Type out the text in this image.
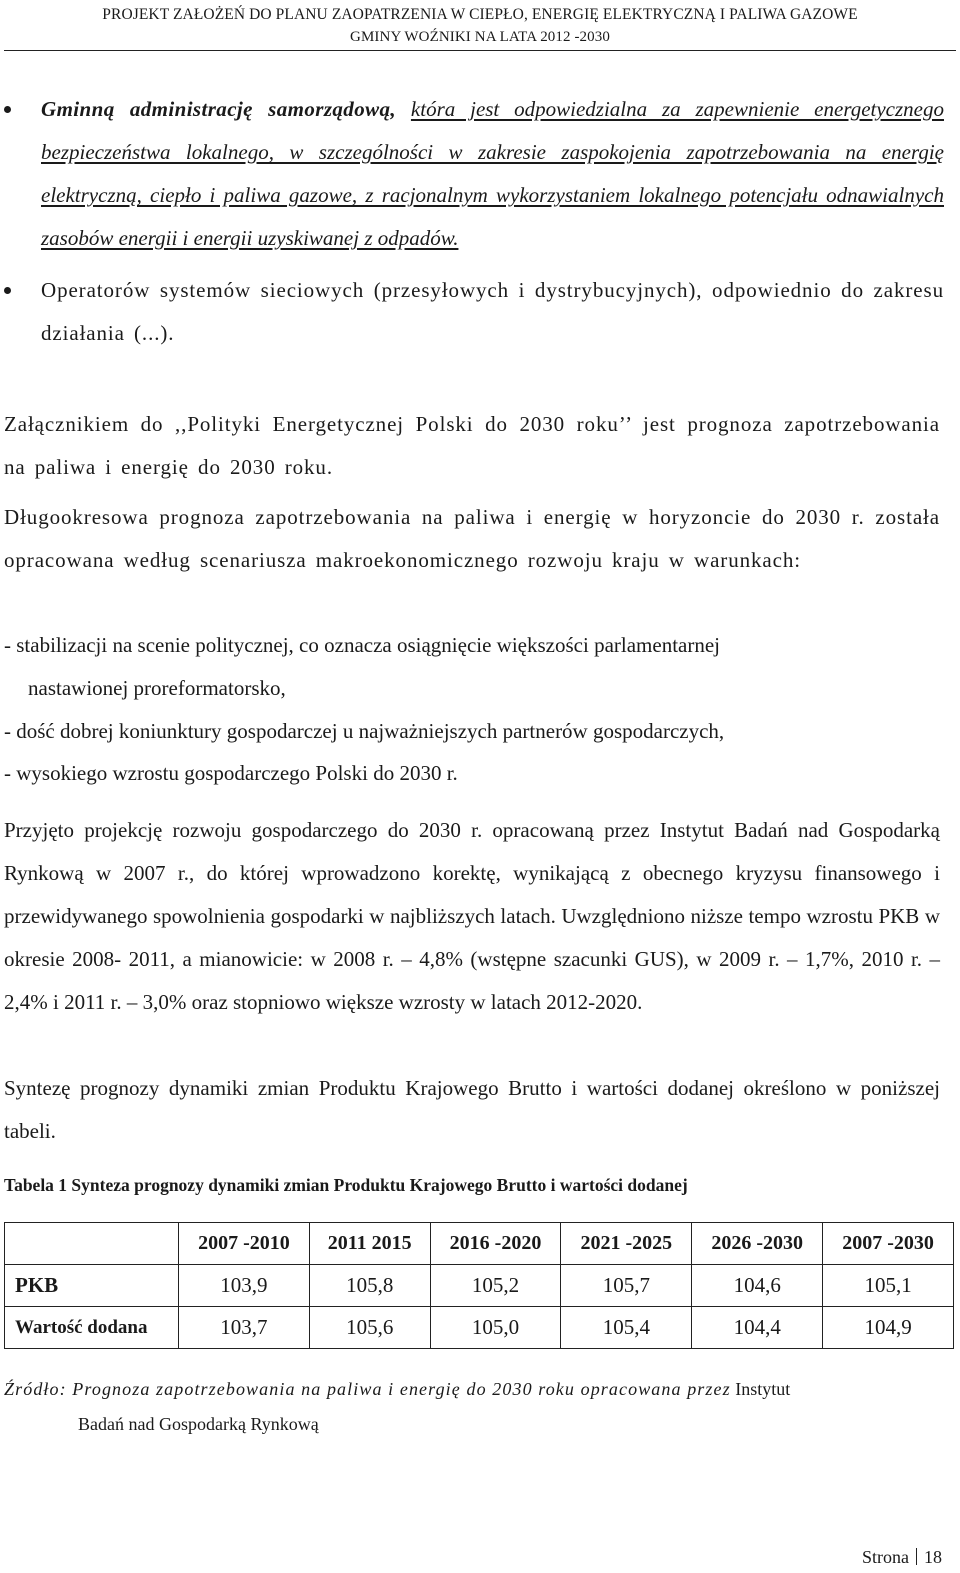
PROJEKT ZAŁOŻEŃ DO PLANU ZAOPATRZENIA W CIEPŁO, ENERGIĘ ELEKTRYCZNĄ I PALIWA GAZOWE
GMINY WOŹNIKI NA LATA 2012 -2030
Gminną administrację samorządową, która jest odpowiedzialna za zapewnienie energetycznego bezpieczeństwa lokalnego, w szczególności w zakresie zaspokojenia zapotrzebowania na energię elektryczną, ciepło i paliwa gazowe, z racjonalnym wykorzystaniem lokalnego potencjału odnawialnych zasobów energii i energii uzyskiwanej z odpadów.
Operatorów systemów sieciowych (przesyłowych i dystrybucyjnych), odpowiednio do zakresu działania (...).
Załącznikiem do ,,Polityki Energetycznej Polski do 2030 roku’’ jest prognoza zapotrzebowania na paliwa i energię do 2030 roku.
Długookresowa prognoza zapotrzebowania na paliwa i energię w horyzoncie do 2030 r. została opracowana według scenariusza makroekonomicznego rozwoju kraju w warunkach:
- stabilizacji na scenie politycznej, co oznacza osiągnięcie większości parlamentarnej
nastawionej proreformatorsko,
- dość dobrej koniunktury gospodarczej u najważniejszych partnerów gospodarczych,
- wysokiego wzrostu gospodarczego Polski do 2030 r.
Przyjęto projekcję rozwoju gospodarczego do 2030 r. opracowaną przez Instytut Badań nad Gospodarką Rynkową w 2007 r., do której wprowadzono korektę, wynikającą z obecnego kryzysu finansowego i przewidywanego spowolnienia gospodarki w najbliższych latach. Uwzględniono niższe tempo wzrostu PKB w okresie 2008- 2011, a mianowicie: w 2008 r. – 4,8% (wstępne szacunki GUS), w 2009 r. – 1,7%, 2010 r. – 2,4% i 2011 r. – 3,0% oraz stopniowo większe wzrosty w latach 2012-2020.
Syntezę prognozy dynamiki zmian Produktu Krajowego Brutto i wartości dodanej określono w poniższej tabeli.
Tabela 1 Synteza prognozy dynamiki zmian Produktu Krajowego Brutto i wartości dodanej
	2007 -2010	2011 2015	2016 -2020	2021 -2025	2026 -2030	2007 -2030
PKB	103,9	105,8	105,2	105,7	104,6	105,1
Wartość dodana	103,7	105,6	105,0	105,4	104,4	104,9
Źródło: Prognoza zapotrzebowania na paliwa i energię do 2030 roku opracowana przez Instytut
Badań nad Gospodarką Rynkową
Strona 18
